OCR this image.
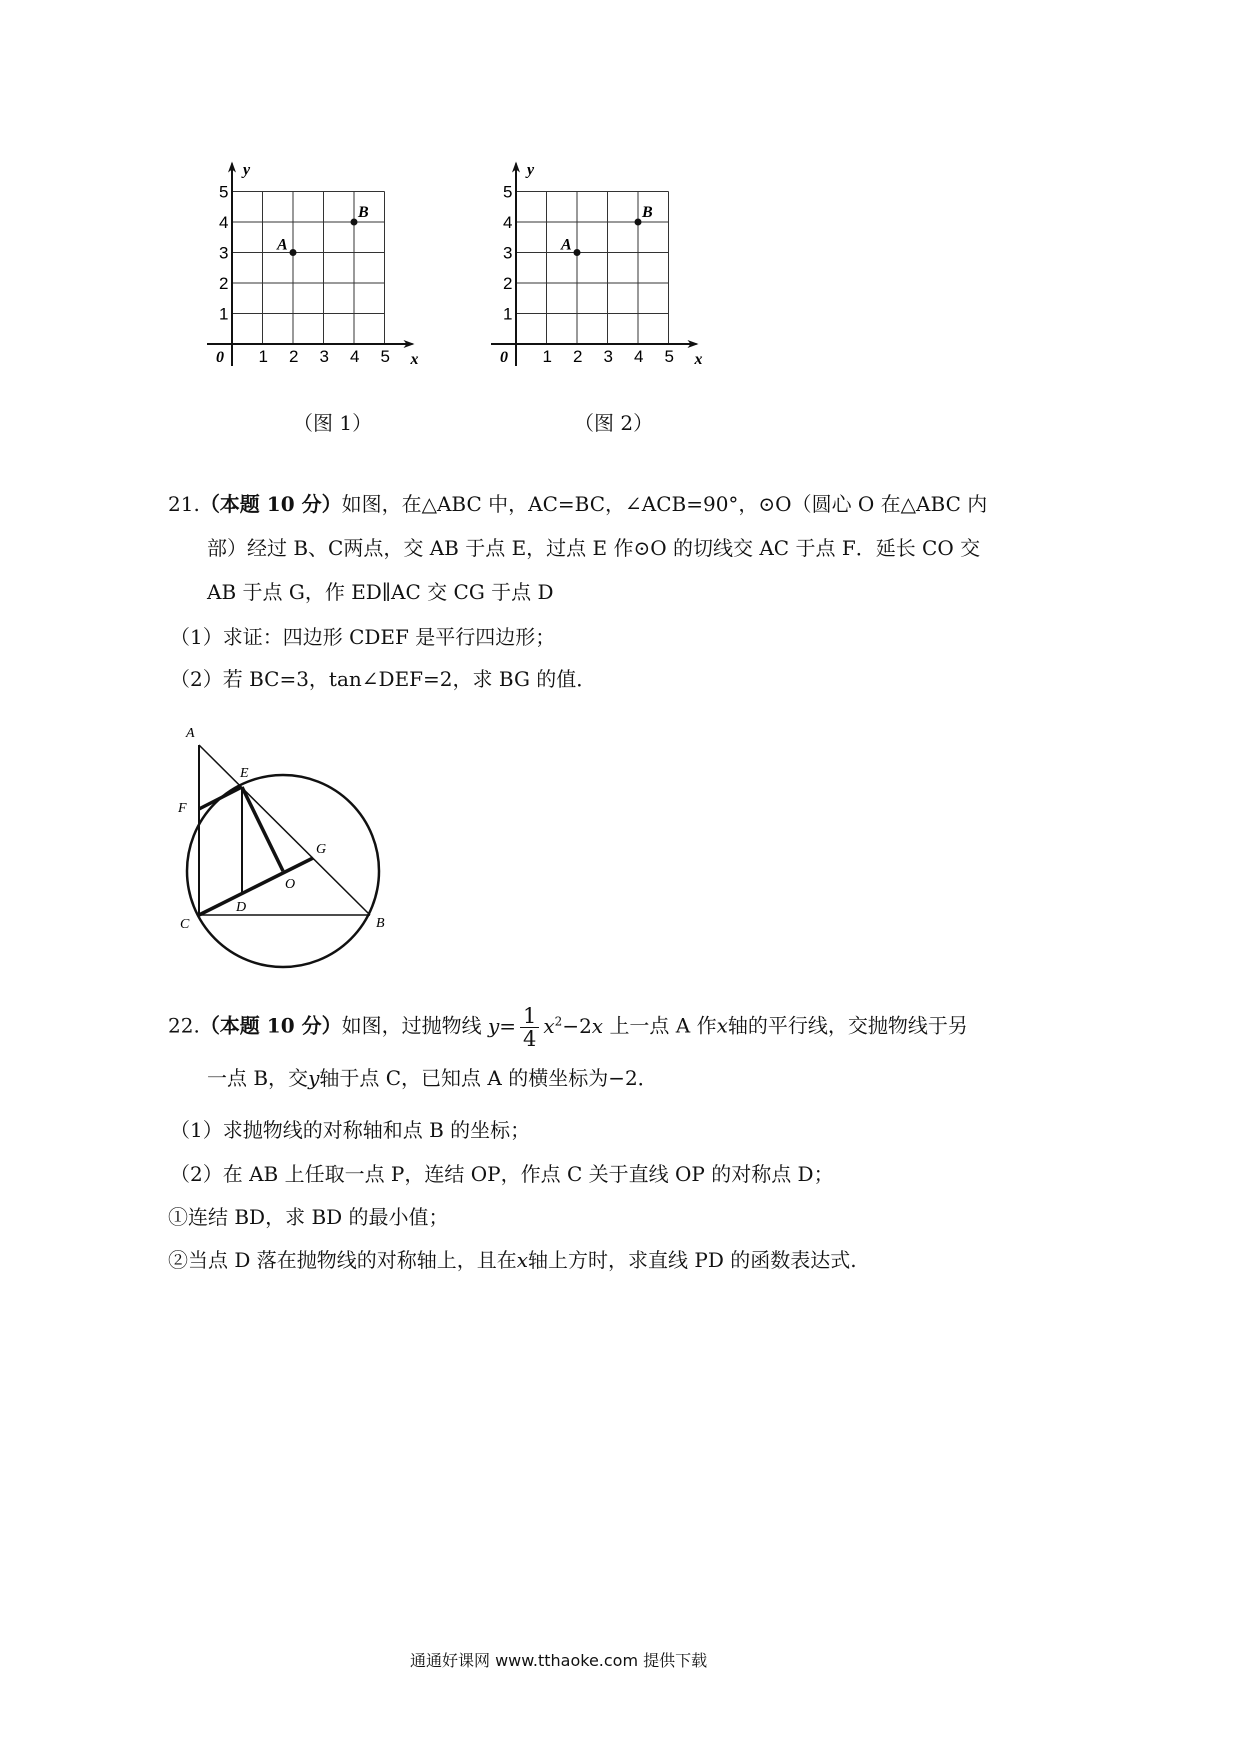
1 2 3 4 5
1
2
3
4
5
0	x
y
A
B
（图 1）
1 2 3 4 5
1
2
3
4
5
0	x
y
A
B
（图 2）
21.（本题 10 分）如图，在△ABC 中，AC=BC，∠ACB=90°，⊙O（圆心 O 在△ABC 内
部）经过 B、C两点，交 AB 于点 E，过点 E 作⊙O 的切线交 AC 于点 F．延长 CO 交
AB 于点 G，作 ED∥AC 交 CG 于点 D
（1）求证：四边形 CDEF 是平行四边形；
（2）若 BC=3，tan∠DEF=2，求 BG 的值．
A
E
F
G
O
C
D
B
22.（本题 10 分）如图，过抛物线 $y= \frac{1}{4} x^2-2x$ 上一点 A 作x轴的平行线，交抛物线于另
一点 B，交y轴于点 C，已知点 A 的横坐标为−2．
（1）求抛物线的对称轴和点 B 的坐标；
（2）在 AB 上任取一点 P，连结 OP，作点 C 关于直线 OP 的对称点 D；
①连结 BD，求 BD 的最小值；
②当点 D 落在抛物线的对称轴上，且在x轴上方时，求直线 PD 的函数表达式.
通通好课网 www.tthaoke.com 提供下载
